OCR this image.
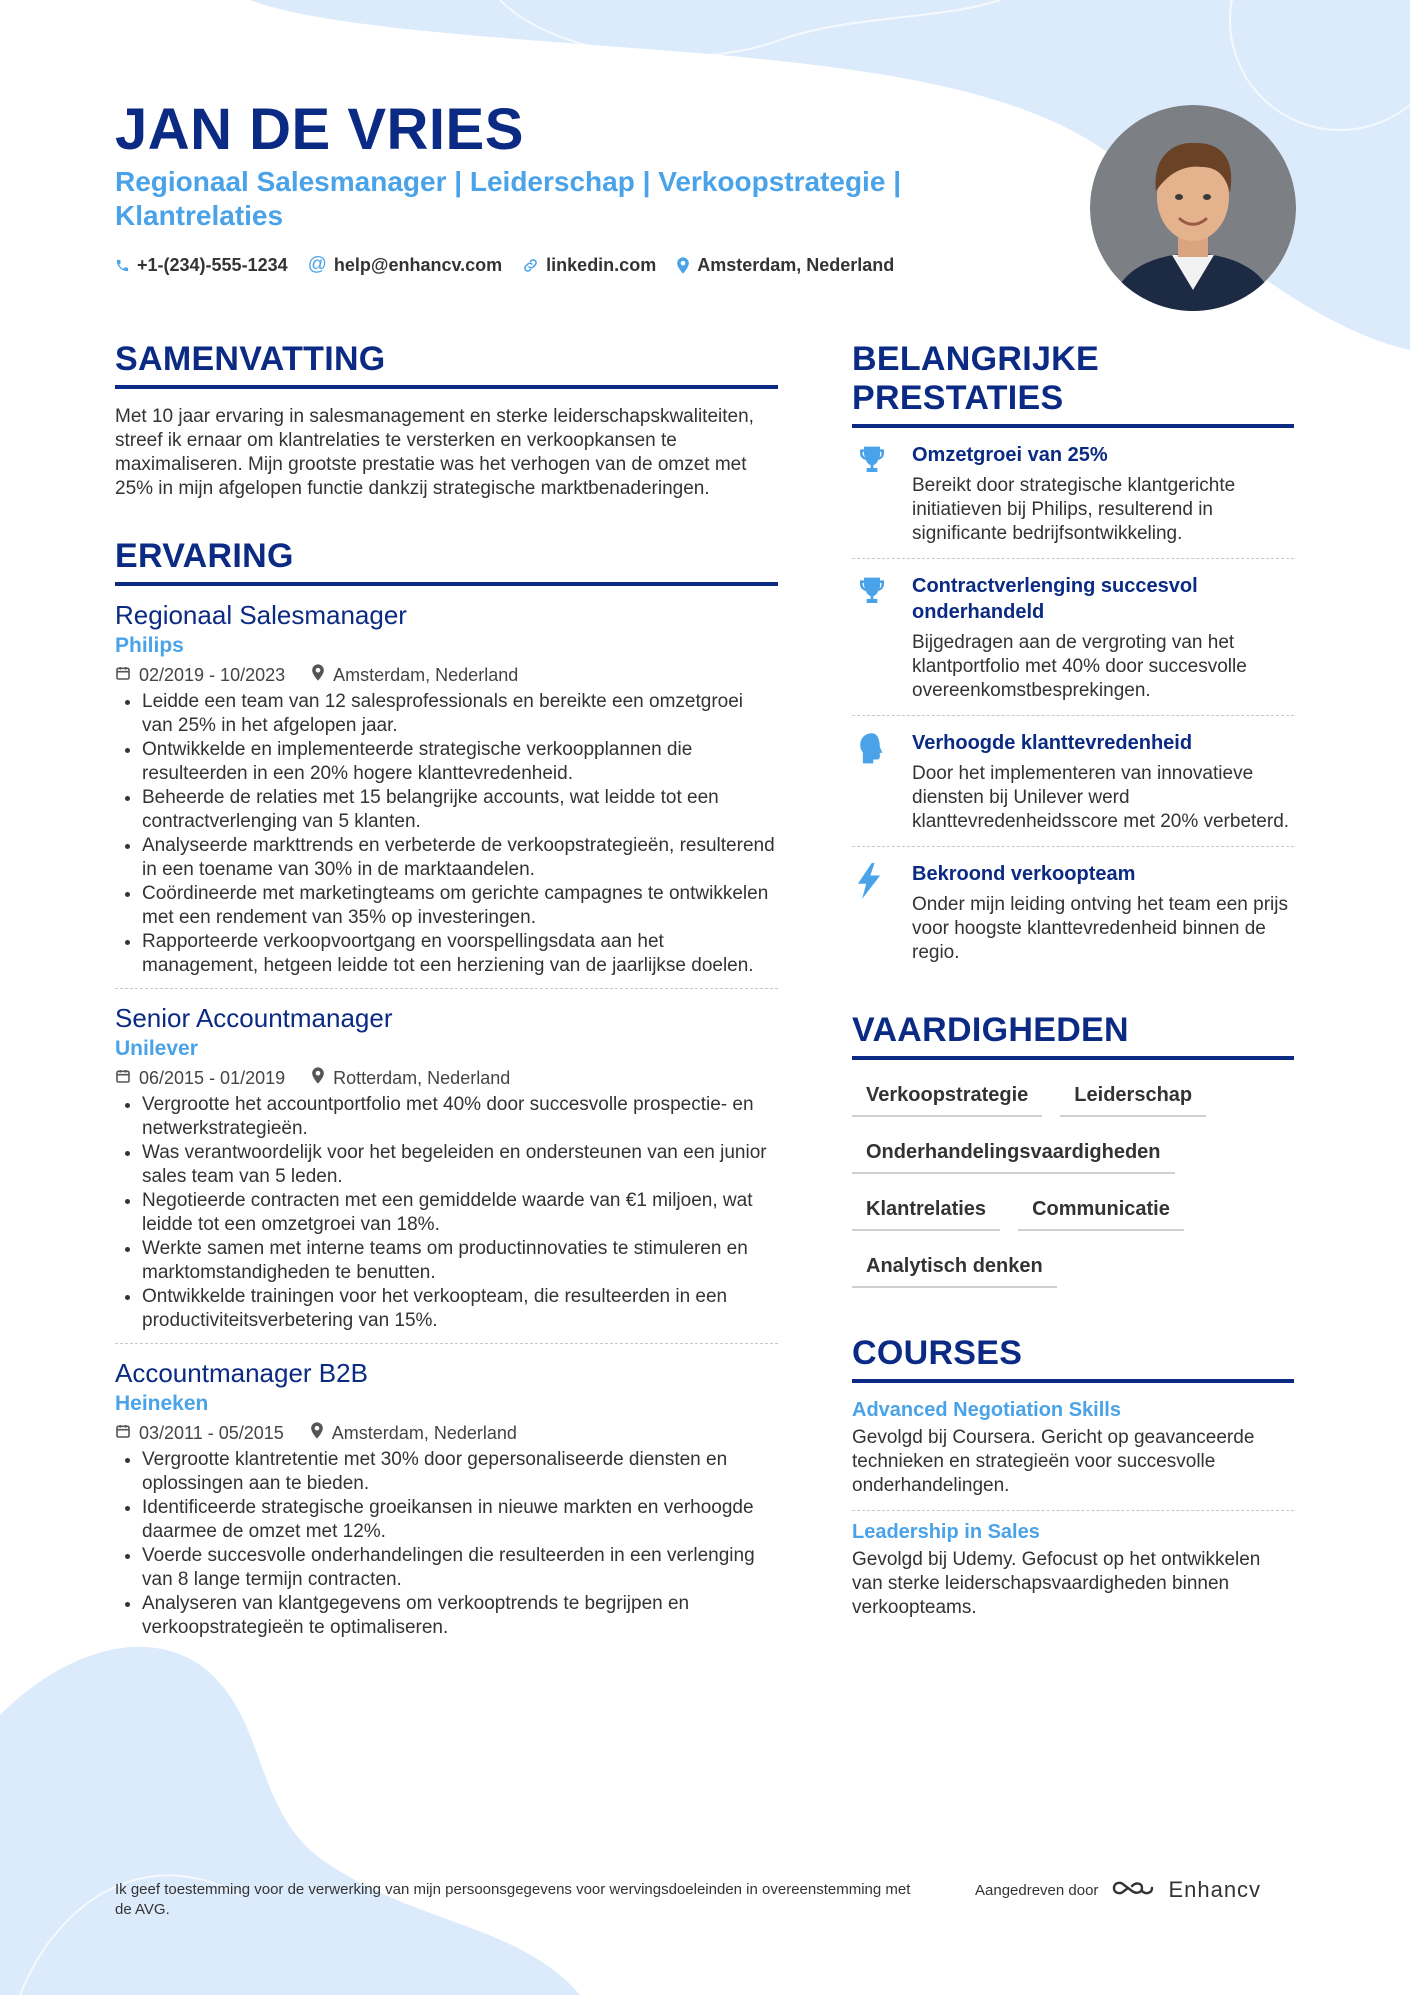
JAN DE VRIES

Regionaal Salesmanager | Leiderschap | Verkoopstrategie | Klantrelaties

+1-(234)-555-1234 @ help@enhancv.com linkedin.com Amsterdam, Nederland
SAMENVATTING

Met 10 jaar ervaring in salesmanagement en sterke leiderschapskwaliteiten, streef ik ernaar om klantrelaties te versterken en verkoopkansen te maximaliseren. Mijn grootste prestatie was het verhogen van de omzet met 25% in mijn afgelopen functie dankzij strategische marktbenaderingen.

ERVARING
Regionaal Salesmanager

Philips

02/2019 - 10/2023	Amsterdam, Nederland
• Leidde een team van 12 salesprofessionals en bereikte een omzetgroei van 25% in het afgelopen jaar.
• Ontwikkelde en implementeerde strategische verkoopplannen die resulteerden in een 20% hogere klanttevredenheid.
• Beheerde de relaties met 15 belangrijke accounts, wat leidde tot een contractverlenging van 5 klanten.
• Analyseerde markttrends en verbeterde de verkoopstrategieën, resulterend in een toename van 30% in de marktaandelen.
• Coördineerde met marketingteams om gerichte campagnes te ontwikkelen met een rendement van 35% op investeringen.
• Rapporteerde verkoopvoortgang en voorspellingsdata aan het management, hetgeen leidde tot een herziening van de jaarlijkse doelen.
Senior Accountmanager

Unilever

06/2015 - 01/2019	Rotterdam, Nederland
• Vergrootte het accountportfolio met 40% door succesvolle prospectie- en netwerkstrategieën.
• Was verantwoordelijk voor het begeleiden en ondersteunen van een junior sales team van 5 leden.
• Negotieerde contracten met een gemiddelde waarde van €1 miljoen, wat leidde tot een omzetgroei van 18%.
• Werkte samen met interne teams om productinnovaties te stimuleren en marktomstandigheden te benutten.
• Ontwikkelde trainingen voor het verkoopteam, die resulteerden in een productiviteitsverbetering van 15%.
Accountmanager B2B

Heineken

03/2011 - 05/2015	Amsterdam, Nederland
• Vergrootte klantretentie met 30% door gepersonaliseerde diensten en oplossingen aan te bieden.
• Identificeerde strategische groeikansen in nieuwe markten en verhoogde daarmee de omzet met 12%.
• Voerde succesvolle onderhandelingen die resulteerden in een verlenging van 8 lange termijn contracten.
• Analyseren van klantgegevens om verkooptrends te begrijpen en verkoopstrategieën te optimaliseren.
BELANGRIJKE PRESTATIES

Omzetgroei van 25%

Bereikt door strategische klantgerichte initiatieven bij Philips, resulterend in significante bedrijfsontwikkeling.

Contractverlenging succesvol onderhandeld

Bijgedragen aan de vergroting van het klantportfolio met 40% door succesvolle overeenkomstbesprekingen.

Verhoogde klanttevredenheid

Door het implementeren van innovatieve diensten bij Unilever werd klanttevredenheidsscore met 20% verbeterd.

Bekroond verkoopteam

Onder mijn leiding ontving het team een prijs voor hoogste klanttevredenheid binnen de regio.

VAARDIGHEDEN
Verkoopstrategie	Leiderschap
Onderhandelingsvaardigheden
Klantrelaties	Communicatie
Analytisch denken
COURSES

Advanced Negotiation Skills

Gevolgd bij Coursera. Gericht op geavanceerde technieken en strategieën voor succesvolle onderhandelingen.

Leadership in Sales

Gevolgd bij Udemy. Gefocust op het ontwikkelen van sterke leiderschapsvaardigheden binnen verkoopteams.

Ik geef toestemming voor de verwerking van mijn persoonsgegevens voor wervingsdoeleinden in overeenstemming met de AVG.

Aangedreven door	Enhancv
